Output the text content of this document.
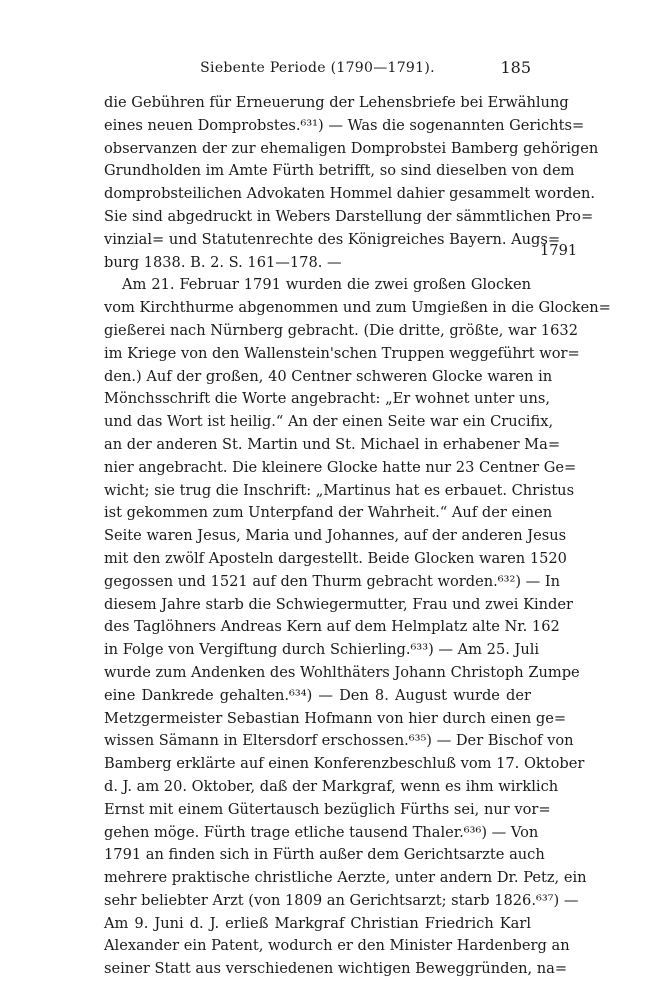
Siebente Periode (1790—1791).	185
1791
die Gebühren für Erneuerung der Lehensbriefe bei Erwählung
eines neuen Domprobstes.⁶³¹) — Was die sogenannten Gerichts=
observanzen der zur ehemaligen Domprobstei Bamberg gehörigen
Grundholden im Amte Fürth betrifft, so sind dieselben von dem
domprobsteilichen Advokaten Hommel dahier gesammelt worden.
Sie sind abgedruckt in Webers Darstellung der sämmtlichen Pro=
vinzial= und Statutenrechte des Königreiches Bayern. Augs=
burg 1838. B. 2. S. 161—178. —
Am 21. Februar 1791 wurden die zwei großen Glocken
vom Kirchthurme abgenommen und zum Umgießen in die Glocken=
gießerei nach Nürnberg gebracht. (Die dritte, größte, war 1632
im Kriege von den Wallenstein'schen Truppen weggeführt wor=
den.) Auf der großen, 40 Centner schweren Glocke waren in
Mönchsschrift die Worte angebracht: „Er wohnet unter uns,
und das Wort ist heilig.“ An der einen Seite war ein Crucifix,
an der anderen St. Martin und St. Michael in erhabener Ma=
nier angebracht. Die kleinere Glocke hatte nur 23 Centner Ge=
wicht; sie trug die Inschrift: „Martinus hat es erbauet. Christus
ist gekommen zum Unterpfand der Wahrheit.“ Auf der einen
Seite waren Jesus, Maria und Johannes, auf der anderen Jesus
mit den zwölf Aposteln dargestellt. Beide Glocken waren 1520
gegossen und 1521 auf den Thurm gebracht worden.⁶³²) — In
diesem Jahre starb die Schwiegermutter, Frau und zwei Kinder
des Taglöhners Andreas Kern auf dem Helmplatz alte Nr. 162
in Folge von Vergiftung durch Schierling.⁶³³) — Am 25. Juli
wurde zum Andenken des Wohlthäters Johann Christoph Zumpe
eine Dankrede gehalten.⁶³⁴) — Den 8. August wurde der
Metzgermeister Sebastian Hofmann von hier durch einen ge=
wissen Sämann in Eltersdorf erschossen.⁶³⁵) — Der Bischof von
Bamberg erklärte auf einen Konferenzbeschluß vom 17. Oktober
d. J. am 20. Oktober, daß der Markgraf, wenn es ihm wirklich
Ernst mit einem Gütertausch bezüglich Fürths sei, nur vor=
gehen möge. Fürth trage etliche tausend Thaler.⁶³⁶) — Von
1791 an finden sich in Fürth außer dem Gerichtsarzte auch
mehrere praktische christliche Aerzte, unter andern Dr. Petz, ein
sehr beliebter Arzt (von 1809 an Gerichtsarzt; starb 1826.⁶³⁷) —
Am 9. Juni d. J. erließ Markgraf Christian Friedrich Karl
Alexander ein Patent, wodurch er den Minister Hardenberg an
seiner Statt aus verschiedenen wichtigen Beweggründen, na=
